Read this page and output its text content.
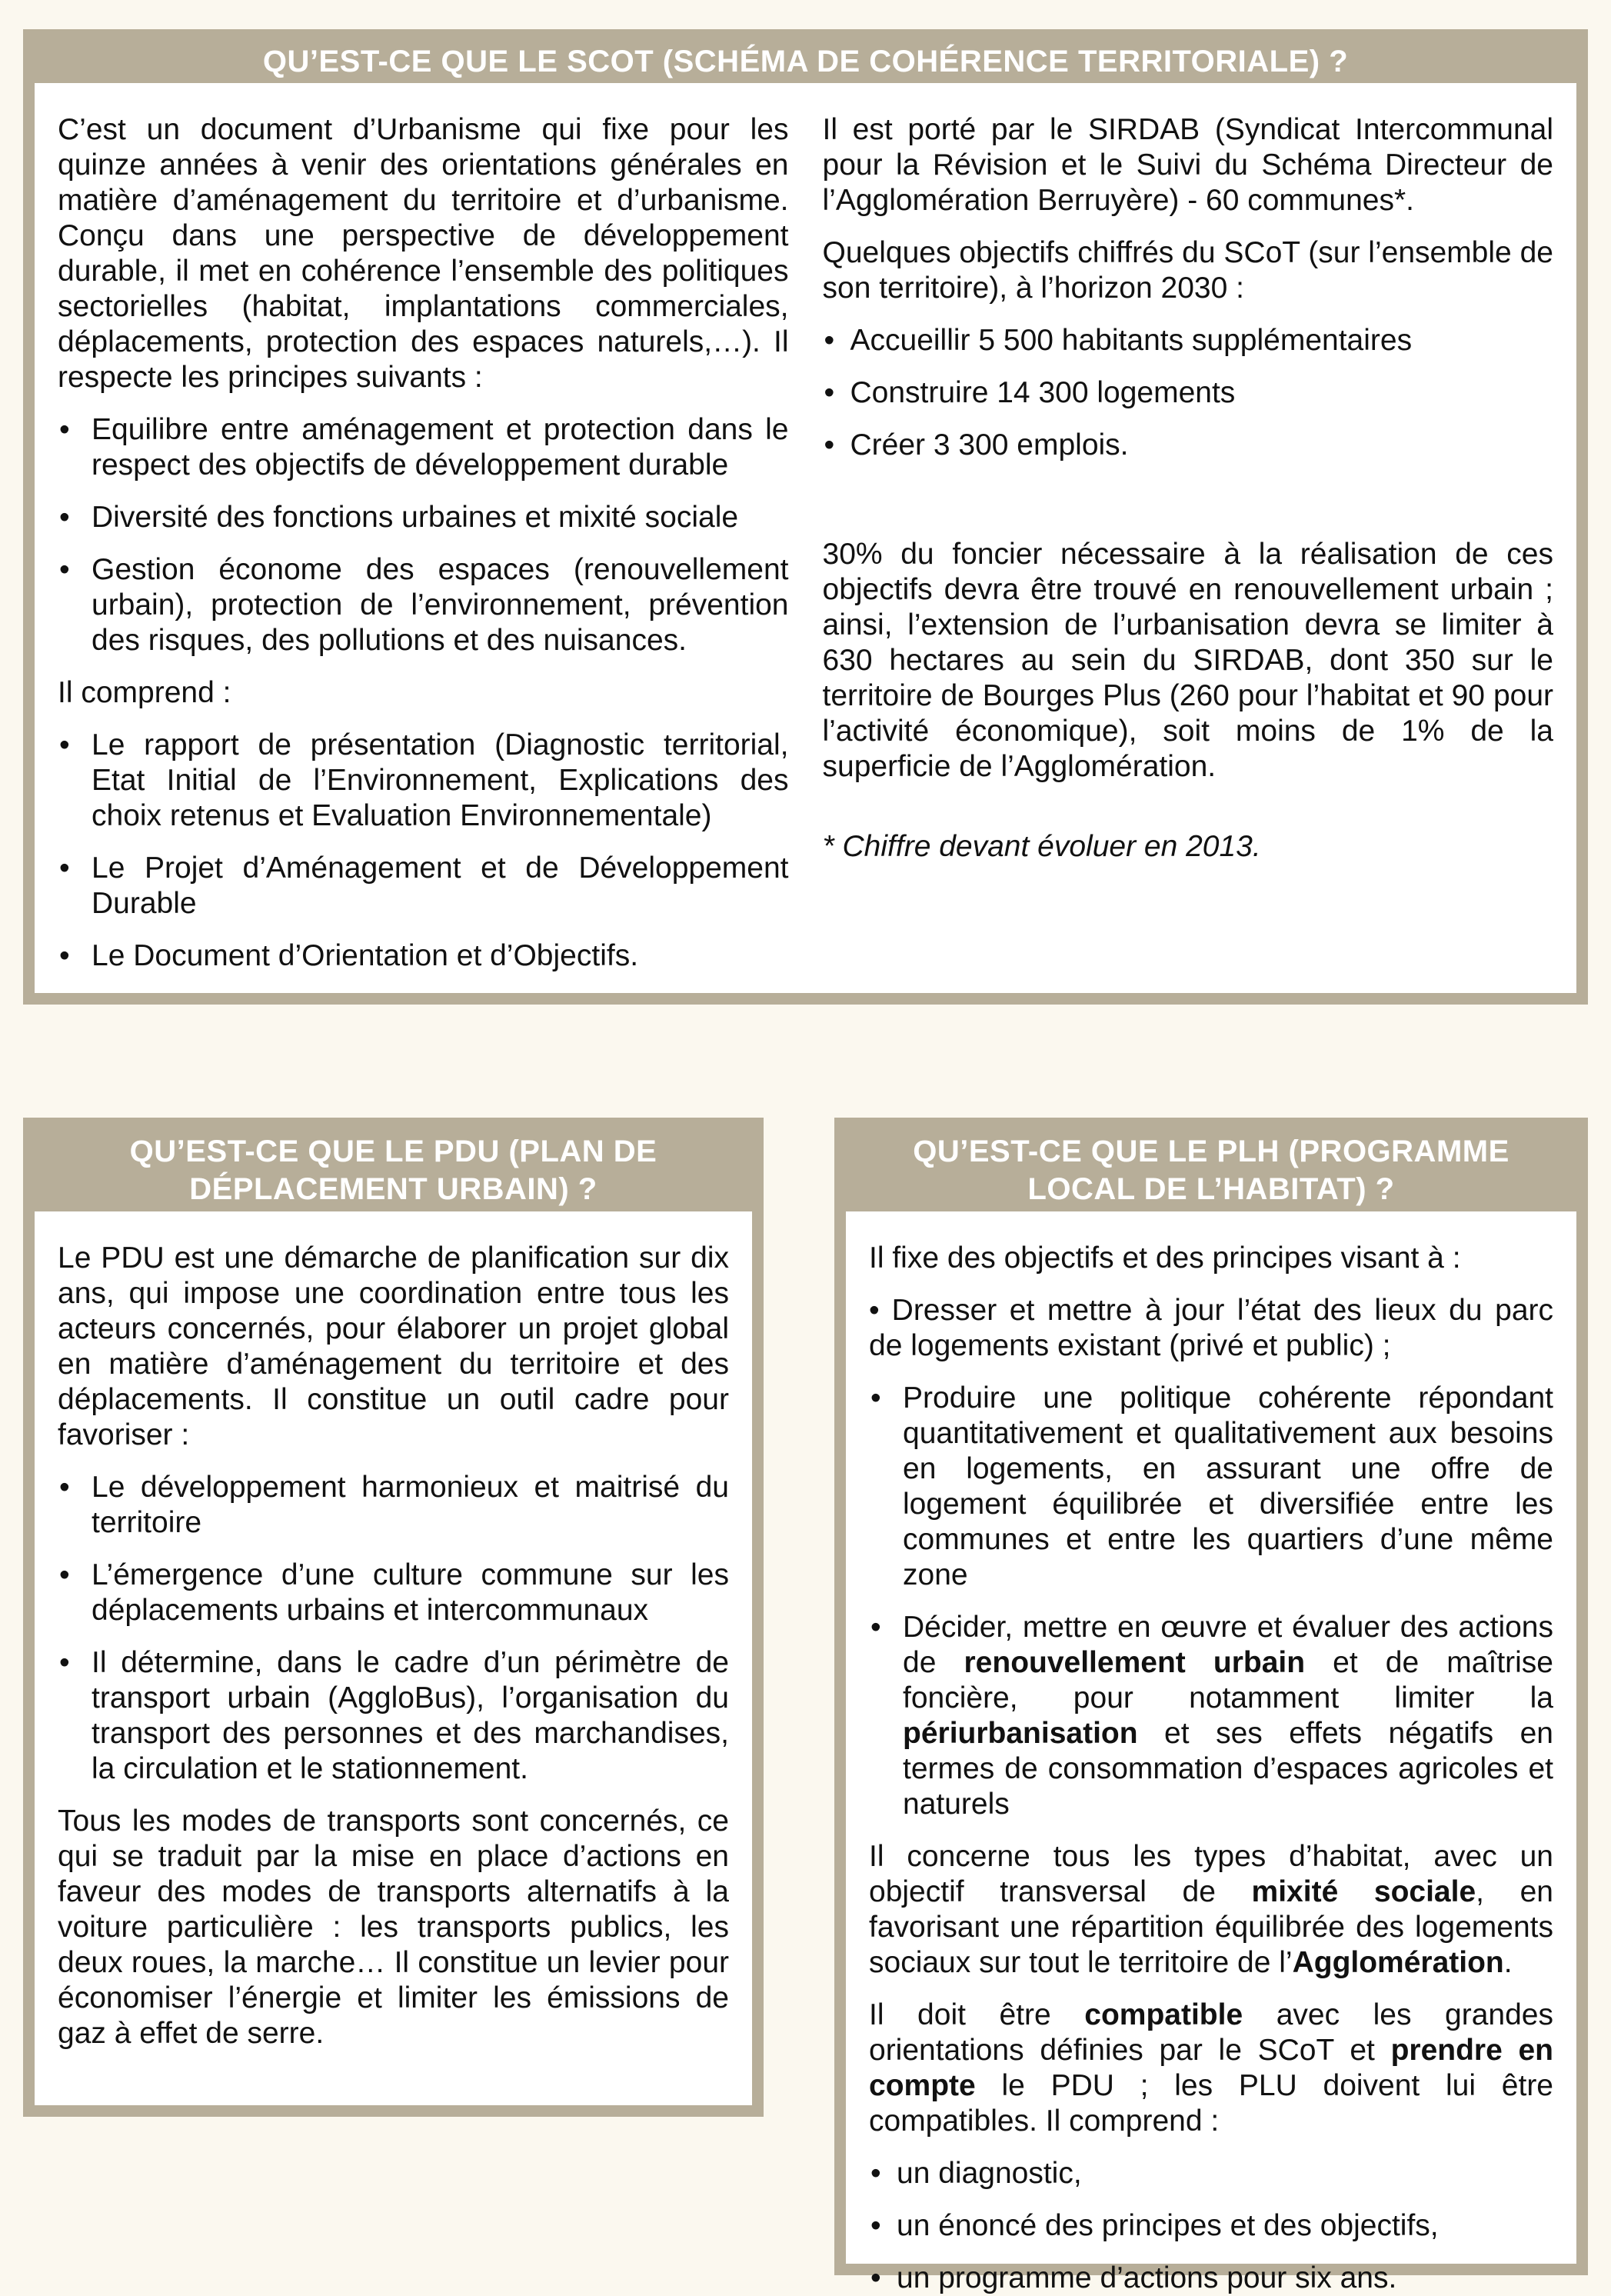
QU’EST-CE QUE LE SCOT (SCHÉMA DE COHÉRENCE TERRITORIALE) ?

C’est un document d’Urbanisme qui fixe pour les quinze années à venir des orientations générales en matière d’aménagement du territoire et d’urbanisme. Conçu dans une perspective de développement durable, il met en cohérence l’ensemble des politiques sectorielles (habitat, implantations commerciales, déplacements, protection des espaces naturels,…). Il respecte les principes suivants :

• Equilibre entre aménagement et protection dans le respect des objectifs de développement durable
• Diversité des fonctions urbaines et mixité sociale
• Gestion économe des espaces (renouvellement urbain), protection de l’environnement, prévention des risques, des pollutions et des nuisances.

Il comprend :

• Le rapport de présentation (Diagnostic territorial, Etat Initial de l’Environnement, Explications des choix retenus et Evaluation Environnementale)
• Le Projet d’Aménagement et de Développement Durable
• Le Document d’Orientation et d’Objectifs.

Il est porté par le SIRDAB (Syndicat Intercommunal pour la Révision et le Suivi du Schéma Directeur de l’Agglomération Berruyère) - 60 communes*.

Quelques objectifs chiffrés du SCoT (sur l’ensemble de son territoire), à l’horizon 2030 :

• Accueillir 5 500 habitants supplémentaires
• Construire 14 300 logements
• Créer 3 300 emplois.

30% du foncier nécessaire à la réalisation de ces objectifs devra être trouvé en renouvellement urbain ; ainsi, l’extension de l’urbanisation devra se limiter à 630 hectares au sein du SIRDAB, dont 350 sur le territoire de Bourges Plus (260 pour l’habitat et 90 pour l’activité économique), soit moins de 1% de la superficie de l’Agglomération.

* Chiffre devant évoluer en 2013.

QU’EST-CE QUE LE PDU (PLAN DE DÉPLACEMENT URBAIN) ?

Le PDU est une démarche de planification sur dix ans, qui impose une coordination entre tous les acteurs concernés, pour élaborer un projet global en matière d’aménagement du territoire et des déplacements. Il constitue un outil cadre pour favoriser :

• Le développement harmonieux et maitrisé du territoire
• L’émergence d’une culture commune sur les déplacements urbains et intercommunaux
• Il détermine, dans le cadre d’un périmètre de transport urbain (AggloBus), l’organisation du transport des personnes et des marchandises, la circulation et le stationnement.

Tous les modes de transports sont concernés, ce qui se traduit par la mise en place d’actions en faveur des modes de transports alternatifs à la voiture particulière : les transports publics, les deux roues, la marche… Il constitue un levier pour économiser l’énergie et limiter les émissions de gaz à effet de serre.

QU’EST-CE QUE LE PLH (PROGRAMME LOCAL DE L’HABITAT) ?

Il fixe des objectifs et des principes visant à :

• Dresser et mettre à jour l’état des lieux du parc de logements existant (privé et public) ;
• Produire une politique cohérente répondant quantitativement et qualitativement aux besoins en logements, en assurant une offre de logement équilibrée et diversifiée entre les communes et entre les quartiers d’une même zone
• Décider, mettre en œuvre et évaluer des actions de renouvellement urbain et de maîtrise foncière, pour notamment limiter la périurbanisation et ses effets négatifs en termes de consommation d’espaces agricoles et naturels

Il concerne tous les types d’habitat, avec un objectif transversal de mixité sociale, en favorisant une répartition équilibrée des logements sociaux sur tout le territoire de l’Agglomération.

Il doit être compatible avec les grandes orientations définies par le SCoT et prendre en compte le PDU ; les PLU doivent lui être compatibles. Il comprend :

• un diagnostic,
• un énoncé des principes et des objectifs,
• un programme d’actions pour six ans.
